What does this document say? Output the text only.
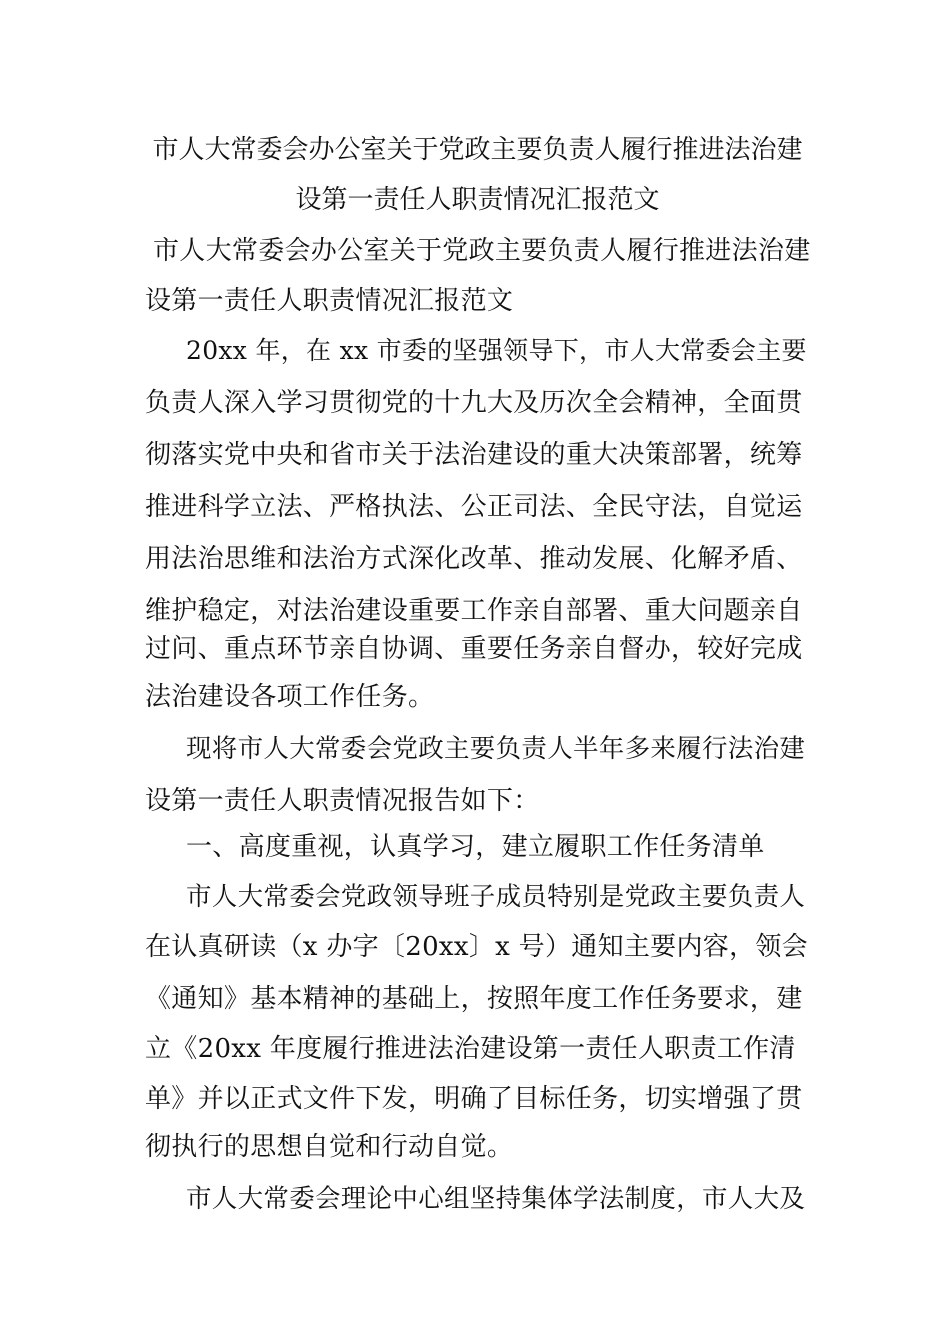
市人大常委会办公室关于党政主要负责人履行推进法治建
设第一责任人职责情况汇报范文
市人大常委会办公室关于党政主要负责人履行推进法治建
设第一责任人职责情况汇报范文
20xx 年，在 xx 市委的坚强领导下，市人大常委会主要
负责人深入学习贯彻党的十九大及历次全会精神，全面贯
彻落实党中央和省市关于法治建设的重大决策部署，统筹
推进科学立法、严格执法、公正司法、全民守法，自觉运
用法治思维和法治方式深化改革、推动发展、化解矛盾、
维护稳定，对法治建设重要工作亲自部署、重大问题亲自
过问、重点环节亲自协调、重要任务亲自督办，较好完成
法治建设各项工作任务。
现将市人大常委会党政主要负责人半年多来履行法治建
设第一责任人职责情况报告如下：
一、高度重视，认真学习，建立履职工作任务清单
市人大常委会党政领导班子成员特别是党政主要负责人
在认真研读（x 办字〔20xx〕x 号）通知主要内容，领会
《通知》基本精神的基础上，按照年度工作任务要求，建
立《20xx 年度履行推进法治建设第一责任人职责工作清
单》并以正式文件下发，明确了目标任务，切实增强了贯
彻执行的思想自觉和行动自觉。
市人大常委会理论中心组坚持集体学法制度，市人大及
